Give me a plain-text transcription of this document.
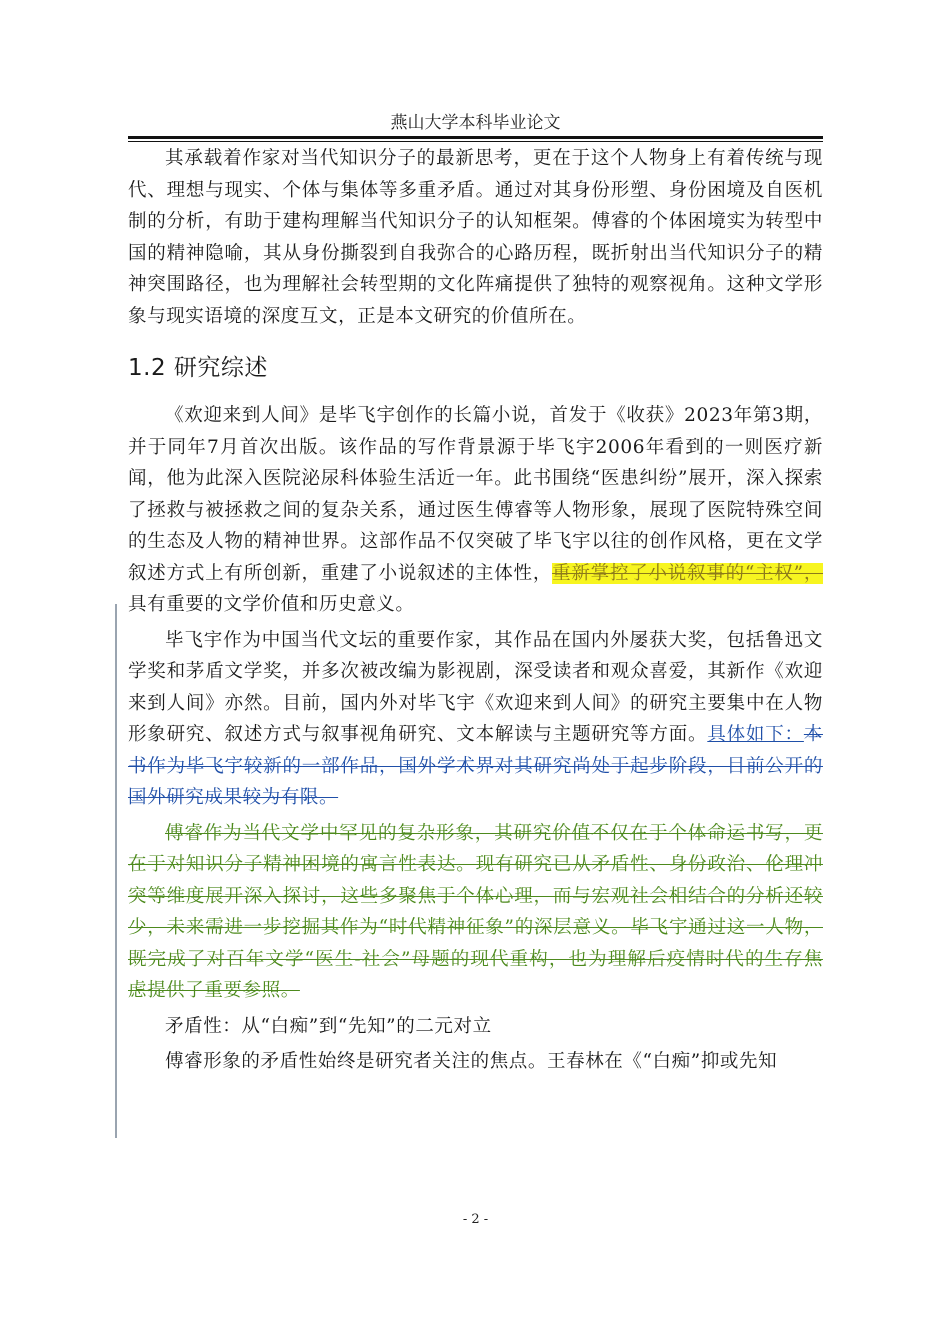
燕山大学本科毕业论文

其承载着作家对当代知识分子的最新思考，更在于这个人物身上有着传统与现代、理想与现实、个体与集体等多重矛盾。通过对其身份形塑、身份困境及自医机制的分析，有助于建构理解当代知识分子的认知框架。傅睿的个体困境实为转型中国的精神隐喻，其从身份撕裂到自我弥合的心路历程，既折射出当代知识分子的精神突围路径，也为理解社会转型期的文化阵痛提供了独特的观察视角。这种文学形象与现实语境的深度互文，正是本文研究的价值所在。

1.2 研究综述

《欢迎来到人间》是毕飞宇创作的长篇小说，首发于《收获》2023年第3期，并于同年7月首次出版。该作品的写作背景源于毕飞宇2006年看到的一则医疗新闻，他为此深入医院泌尿科体验生活近一年。此书围绕“医患纠纷”展开，深入探索了拯救与被拯救之间的复杂关系，通过医生傅睿等人物形象，展现了医院特殊空间的生态及人物的精神世界。这部作品不仅突破了毕飞宇以往的创作风格，更在文学叙述方式上有所创新，重建了小说叙述的主体性，重新掌控了小说叙事的“主权”，具有重要的文学价值和历史意义。

毕飞宇作为中国当代文坛的重要作家，其作品在国内外屡获大奖，包括鲁迅文学奖和茅盾文学奖，并多次被改编为影视剧，深受读者和观众喜爱，其新作《欢迎来到人间》亦然。目前，国内外对毕飞宇《欢迎来到人间》的研究主要集中在人物形象研究、叙述方式与叙事视角研究、文本解读与主题研究等方面。具体如下：本书作为毕飞宇较新的一部作品，国外学术界对其研究尚处于起步阶段，目前公开的国外研究成果较为有限。

傅睿作为当代文学中罕见的复杂形象，其研究价值不仅在于个体命运书写，更在于对知识分子精神困境的寓言性表达。现有研究已从矛盾性、身份政治、伦理冲突等维度展开深入探讨，这些多聚焦于个体心理，而与宏观社会相结合的分析还较少，未来需进一步挖掘其作为“时代精神征象”的深层意义。毕飞宇通过这一人物，既完成了对百年文学“医生-社会”母题的现代重构，也为理解后疫情时代的生存焦虑提供了重要参照。

矛盾性：从“白痴”到“先知”的二元对立

傅睿形象的矛盾性始终是研究者关注的焦点。王春林在《“白痴”抑或先知

- 2 -
